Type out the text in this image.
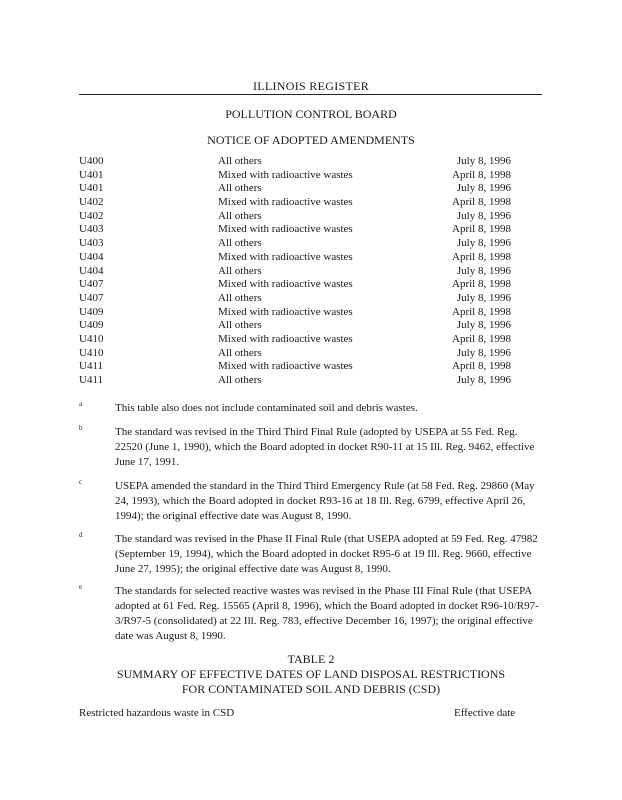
ILLINOIS REGISTER
POLLUTION CONTROL BOARD
NOTICE OF ADOPTED AMENDMENTS
U400	All others	July 8, 1996
U401	Mixed with radioactive wastes	April 8, 1998
U401	All others	July 8, 1996
U402	Mixed with radioactive wastes	April 8, 1998
U402	All others	July 8, 1996
U403	Mixed with radioactive wastes	April 8, 1998
U403	All others	July 8, 1996
U404	Mixed with radioactive wastes	April 8, 1998
U404	All others	July 8, 1996
U407	Mixed with radioactive wastes	April 8, 1998
U407	All others	July 8, 1996
U409	Mixed with radioactive wastes	April 8, 1998
U409	All others	July 8, 1996
U410	Mixed with radioactive wastes	April 8, 1998
U410	All others	July 8, 1996
U411	Mixed with radioactive wastes	April 8, 1998
U411	All others	July 8, 1996
a	This table also does not include contaminated soil and debris wastes.
b	The standard was revised in the Third Third Final Rule (adopted by USEPA at 55 Fed. Reg. 22520 (June 1, 1990), which the Board adopted in docket R90-11 at 15 Ill. Reg. 9462, effective June 17, 1991.
c	USEPA amended the standard in the Third Third Emergency Rule (at 58 Fed. Reg. 29860 (May 24, 1993), which the Board adopted in docket R93-16 at 18 Ill. Reg. 6799, effective April 26, 1994); the original effective date was August 8, 1990.
d	The standard was revised in the Phase II Final Rule (that USEPA adopted at 59 Fed. Reg. 47982 (September 19, 1994), which the Board adopted in docket R95-6 at 19 Ill. Reg. 9660, effective June 27, 1995); the original effective date was August 8, 1990.
e	The standards for selected reactive wastes was revised in the Phase III Final Rule (that USEPA adopted at 61 Fed. Reg. 15565 (April 8, 1996), which the Board adopted in docket R96-10/R97-3/R97-5 (consolidated) at 22 Ill. Reg. 783, effective December 16, 1997); the original effective date was August 8, 1990.
TABLE 2
SUMMARY OF EFFECTIVE DATES OF LAND DISPOSAL RESTRICTIONS
FOR CONTAMINATED SOIL AND DEBRIS (CSD)
Restricted hazardous waste in CSD	Effective date
